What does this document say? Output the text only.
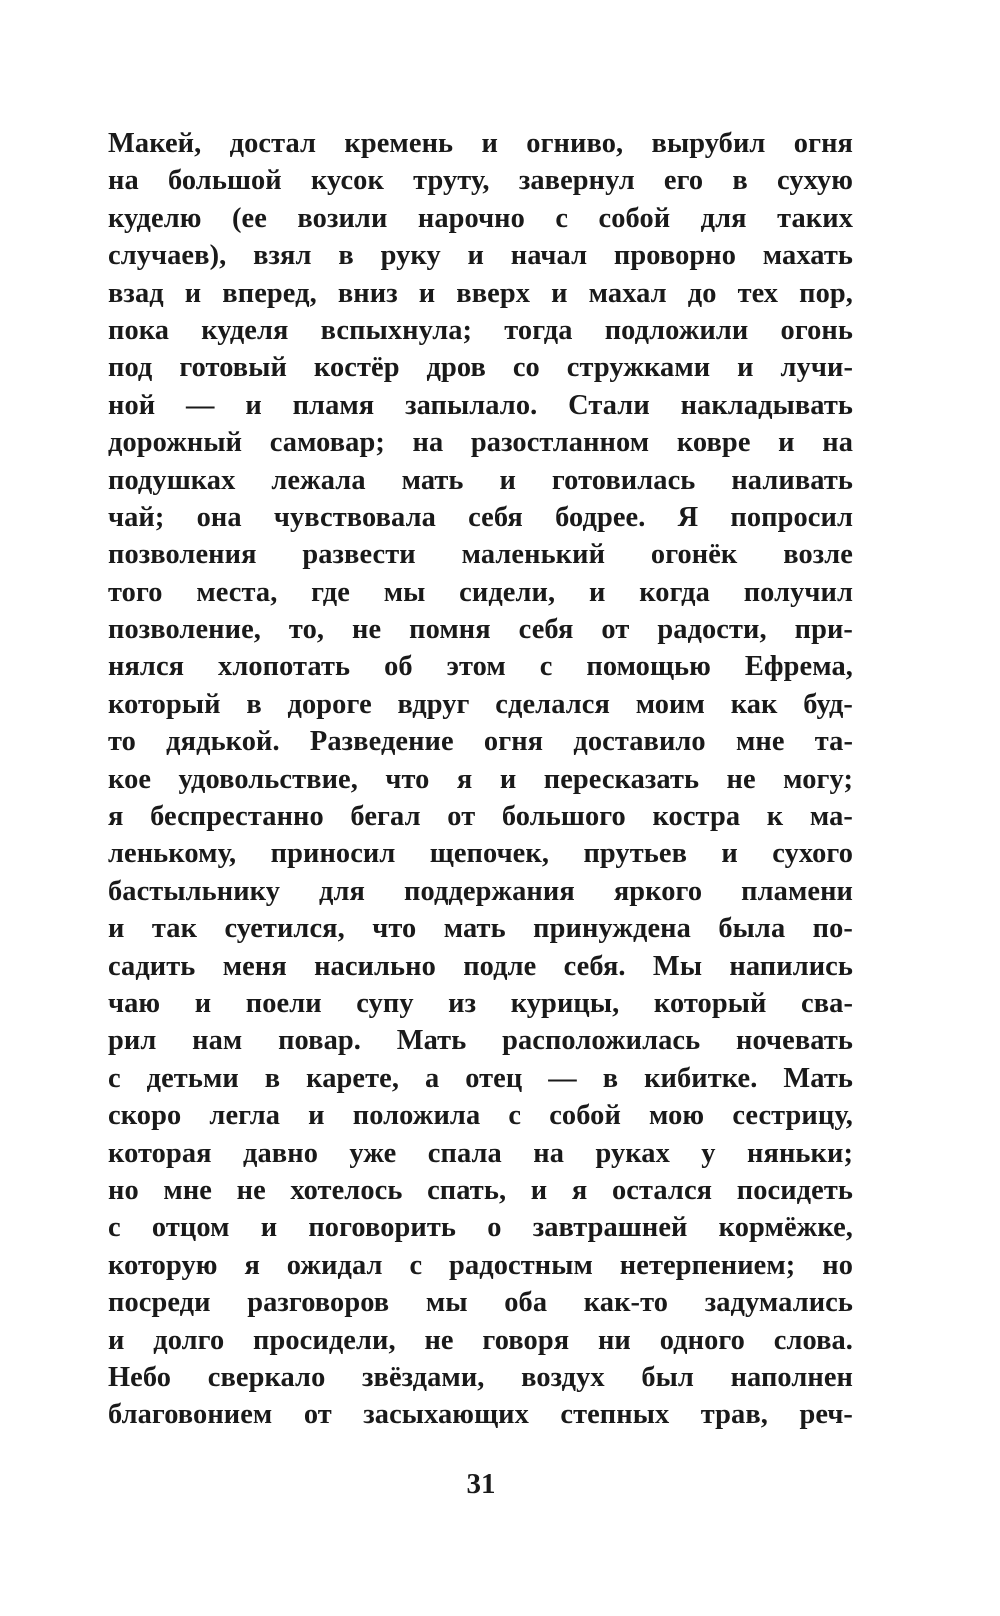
Макей, достал кремень и огниво, вырубил огня
на большой кусок труту, завернул его в сухую
куделю (ее возили нарочно с собой для таких
случаев), взял в руку и начал проворно махать
взад и вперед, вниз и вверх и махал до тех пор,
пока куделя вспыхнула; тогда подложили огонь
под готовый костёр дров со стружками и лучи-
ной — и пламя запылало. Стали накладывать
дорожный самовар; на разостланном ковре и на
подушках лежала мать и готовилась наливать
чай; она чувствовала себя бодрее. Я попросил
позволения развести маленький огонёк возле
того места, где мы сидели, и когда получил
позволение, то, не помня себя от радости, при-
нялся хлопотать об этом с помощью Ефрема,
который в дороге вдруг сделался моим как буд-
то дядькой. Разведение огня доставило мне та-
кое удовольствие, что я и пересказать не могу;
я беспрестанно бегал от большого костра к ма-
ленькому, приносил щепочек, прутьев и сухого
бастыльнику для поддержания яркого пламени
и так суетился, что мать принуждена была по-
садить меня насильно подле себя. Мы напились
чаю и поели супу из курицы, который сва-
рил нам повар. Мать расположилась ночевать
с детьми в карете, а отец — в кибитке. Мать
скоро легла и положила с собой мою сестрицу,
которая давно уже спала на руках у няньки;
но мне не хотелось спать, и я остался посидеть
с отцом и поговорить о завтрашней кормёжке,
которую я ожидал с радостным нетерпением; но
посреди разговоров мы оба как-то задумались
и долго просидели, не говоря ни одного слова.
Небо сверкало звёздами, воздух был наполнен
благовонием от засыхающих степных трав, реч-
31
